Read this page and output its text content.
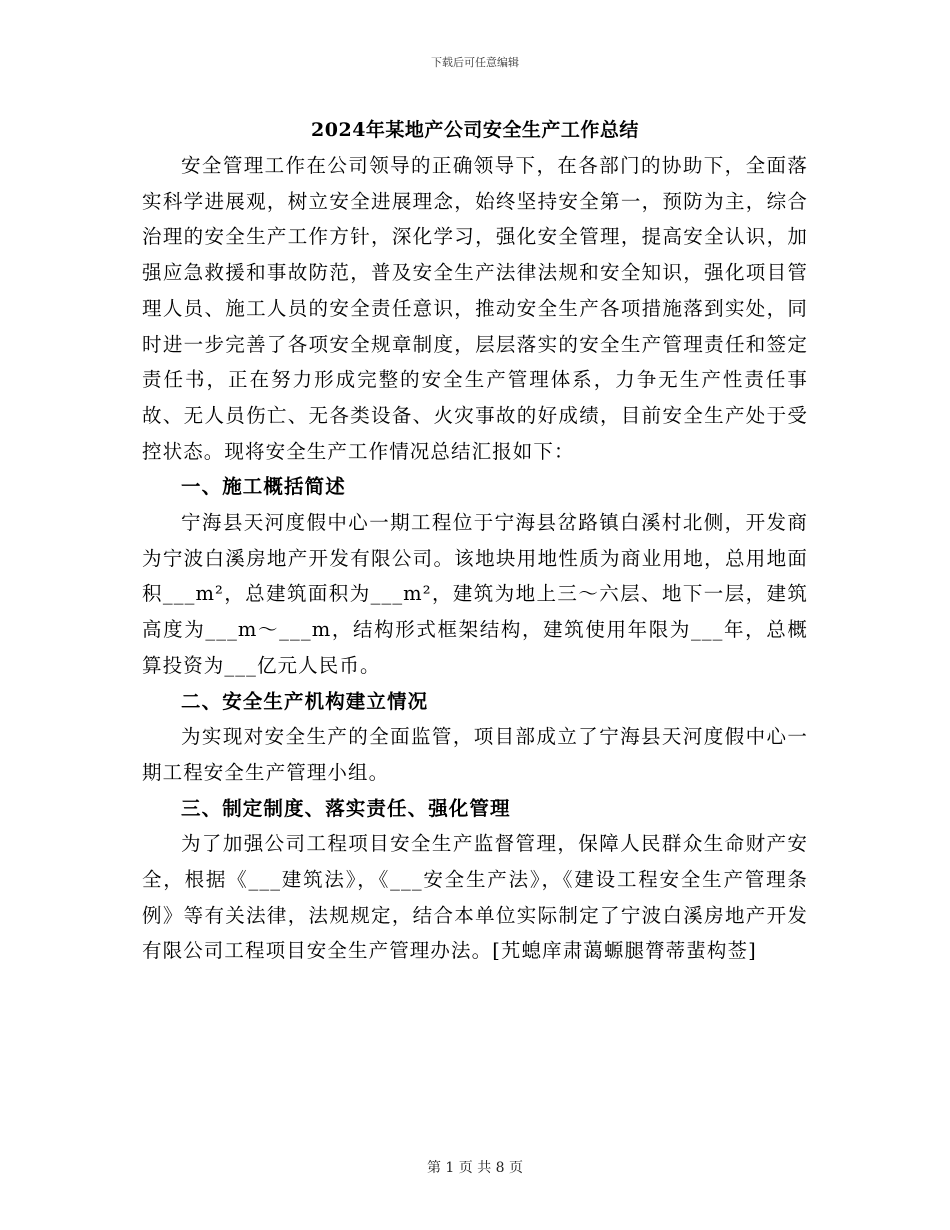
下载后可任意编辑
2024年某地产公司安全生产工作总结

安全管理工作在公司领导的正确领导下，在各部门的协助下，全面落实科学进展观，树立安全进展理念，始终坚持安全第一，预防为主，综合治理的安全生产工作方针，深化学习，强化安全管理，提高安全认识，加强应急救援和事故防范，普及安全生产法律法规和安全知识，强化项目管理人员、施工人员的安全责任意识，推动安全生产各项措施落到实处，同时进一步完善了各项安全规章制度，层层落实的安全生产管理责任和签定责任书，正在努力形成完整的安全生产管理体系，力争无生产性责任事故、无人员伤亡、无各类设备、火灾事故的好成绩，目前安全生产处于受控状态。现将安全生产工作情况总结汇报如下：

一、施工概括简述

宁海县天河度假中心一期工程位于宁海县岔路镇白溪村北侧，开发商为宁波白溪房地产开发有限公司。该地块用地性质为商业用地，总用地面积___m²，总建筑面积为___m²，建筑为地上三～六层、地下一层，建筑高度为___m～___m，结构形式框架结构，建筑使用年限为___年，总概算投资为___亿元人民币。

二、安全生产机构建立情况

为实现对安全生产的全面监管，项目部成立了宁海县天河度假中心一期工程安全生产管理小组。

三、制定制度、落实责任、强化管理

为了加强公司工程项目安全生产监督管理，保障人民群众生命财产安全，根据《___建筑法》，《___安全生产法》，《建设工程安全生产管理条例》等有关法律，法规规定，结合本单位实际制定了宁波白溪房地产开发有限公司工程项目安全生产管理办法。[艽螅庠肃蔼螈腿膂蒂蜚构莶]

第 1 页 共 8 页
